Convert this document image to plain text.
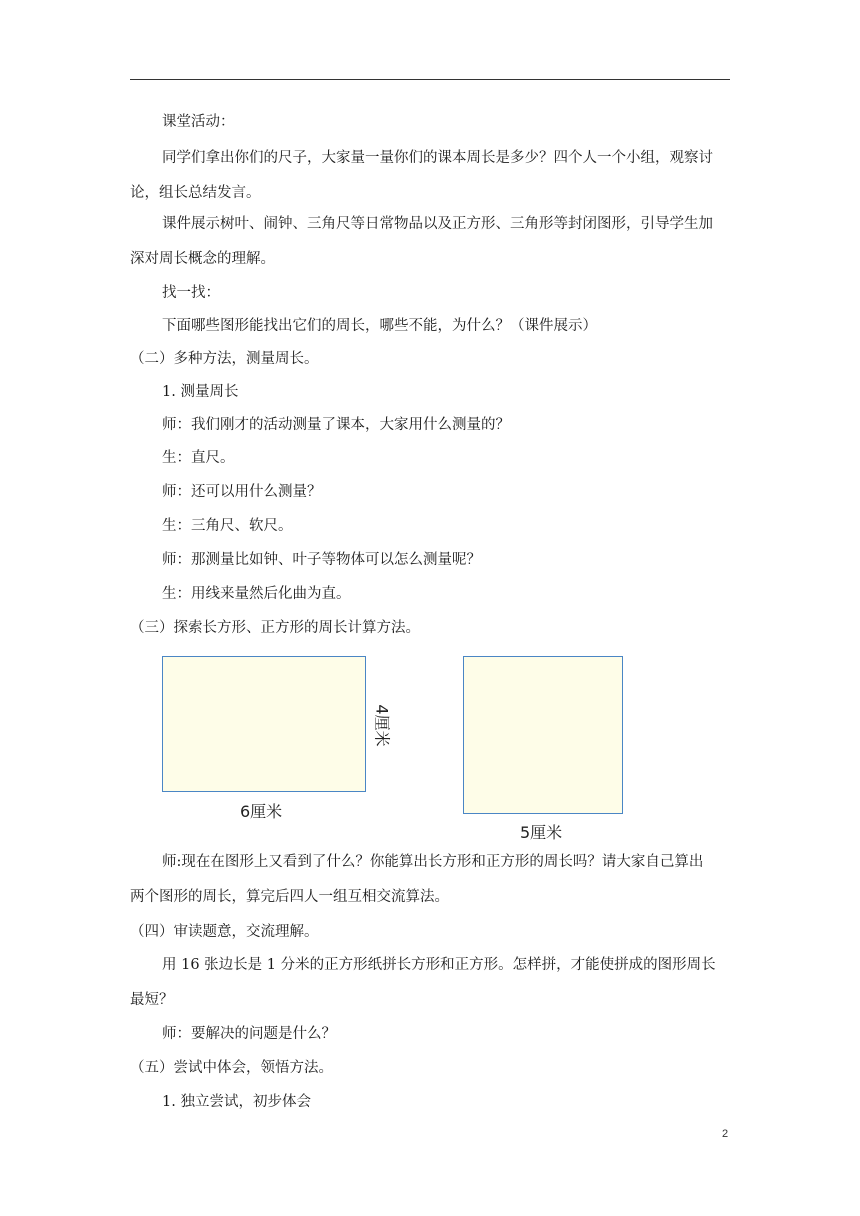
课堂活动：
同学们拿出你们的尺子，大家量一量你们的课本周长是多少？四个人一个小组，观察讨
论，组长总结发言。
课件展示树叶、闹钟、三角尺等日常物品以及正方形、三角形等封闭图形，引导学生加
深对周长概念的理解。
找一找：
下面哪些图形能找出它们的周长，哪些不能，为什么？（课件展示）
（二）多种方法，测量周长。
1. 测量周长
师：我们刚才的活动测量了课本，大家用什么测量的？
生：直尺。
师：还可以用什么测量？
生：三角尺、软尺。
师：那测量比如钟、叶子等物体可以怎么测量呢？
生：用线来量然后化曲为直。
（三）探索长方形、正方形的周长计算方法。
4厘米
6厘米
5厘米
师:现在在图形上又看到了什么？你能算出长方形和正方形的周长吗？请大家自己算出
两个图形的周长，算完后四人一组互相交流算法。
（四）审读题意，交流理解。
用 16 张边长是 1 分米的正方形纸拼长方形和正方形。怎样拼，才能使拼成的图形周长
最短？
师：要解决的问题是什么？
（五）尝试中体会，领悟方法。
1. 独立尝试，初步体会
2
